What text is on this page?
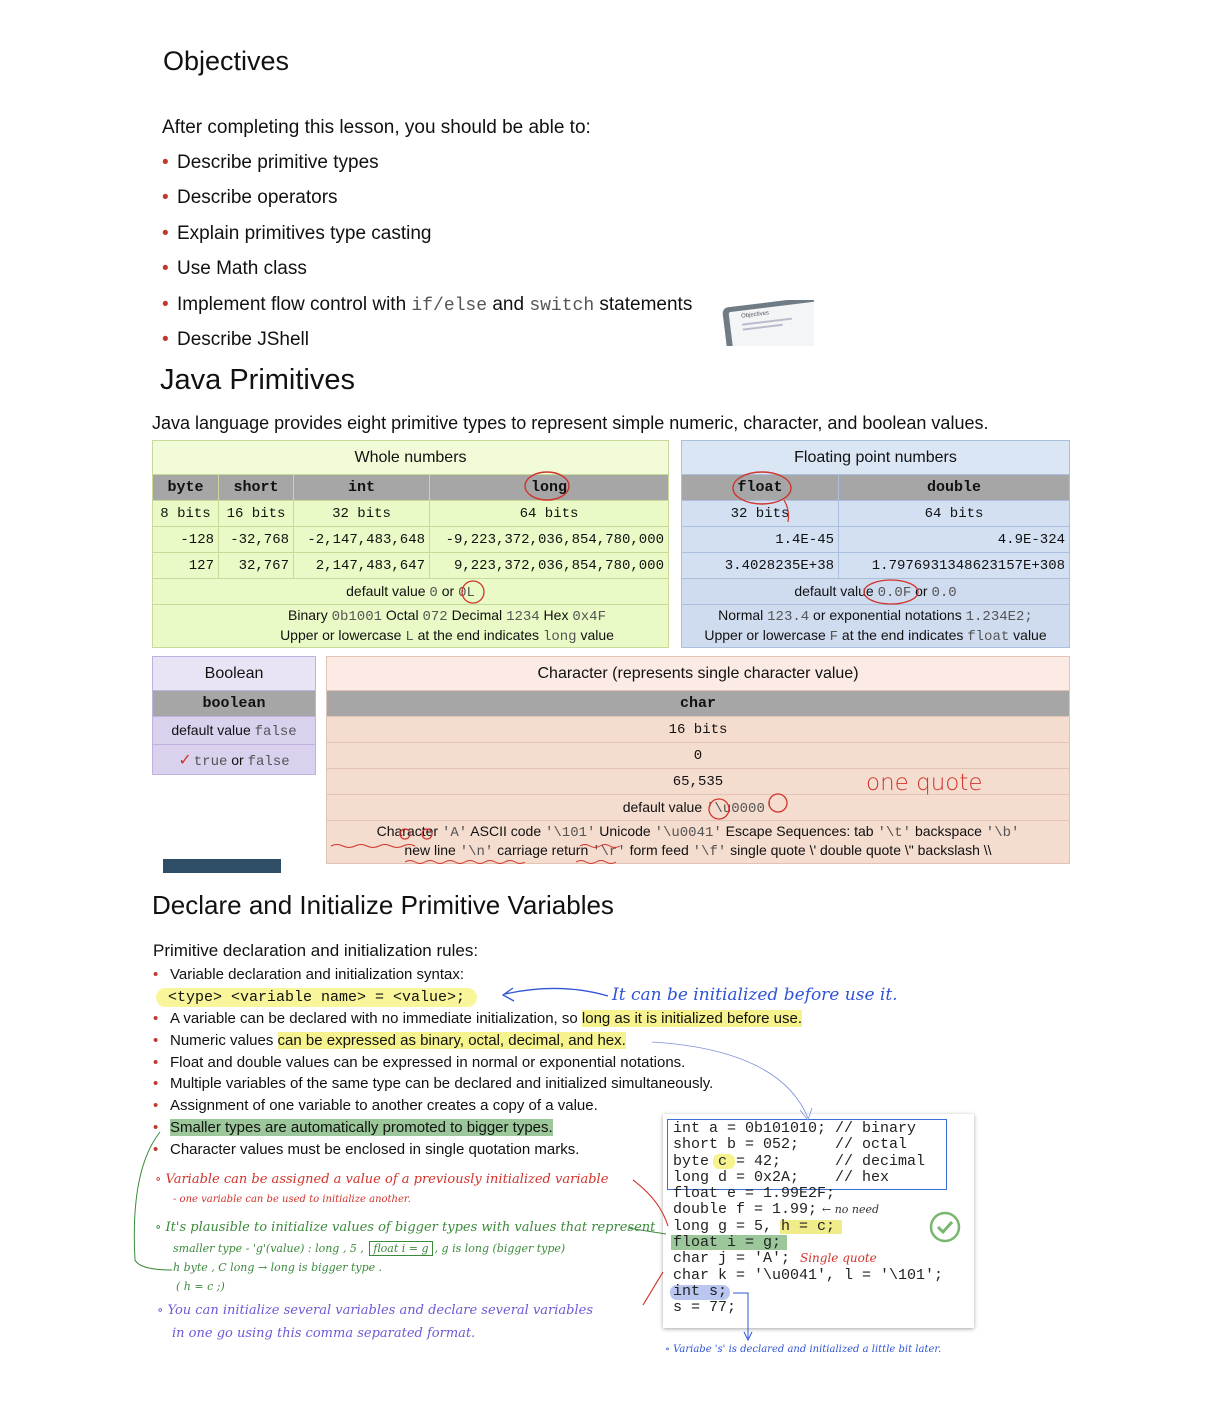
Objectives
After completing this lesson, you should be able to:
• Describe primitive types
• Describe operators
• Explain primitives type casting
• Use Math class
• Implement flow control with if/else and switch statements
• Describe JShell
Objectives
Java Primitives
Java language provides eight primitive types to represent simple numeric, character, and boolean values.
Whole numbers			
byte	short	int	long
8 bits	16 bits	32 bits	64 bits
-128	-32,768	-2,147,483,648	-9,223,372,036,854,780,000
127	32,767	2,147,483,647	9,223,372,036,854,780,000
default value 0 or 0L			
Binary 0b1001 Octal 072 Decimal 1234 Hex 0x4F
Upper or lowercase L at the end indicates long value			
Floating point numbers	
float	double
32 bits	64 bits
1.4E-45	4.9E-324
3.4028235E+38	1.7976931348623157E+308
default value 0.0F or 0.0	
Normal 123.4 or exponential notations 1.234E2;
Upper or lowercase F at the end indicates float value	
Boolean
boolean
default value false
✓ true or false
Character (represents single character value)
char
16 bits
0
65,535
default value '\u0000'
Character 'A' ASCII code '\101' Unicode '\u0041' Escape Sequences: tab '\t' backspace '\b'
new line '\n' carriage return '\r' form feed '\f' single quote \' double quote \" backslash \\
one quote
Declare and Initialize Primitive Variables
Primitive declaration and initialization rules:
• Variable declaration and initialization syntax:
<type> <variable name> = <value>;
• A variable can be declared with no immediate initialization, so long as it is initialized before use.
• Numeric values can be expressed as binary, octal, decimal, and hex.
• Float and double values can be expressed in normal or exponential notations.
• Multiple variables of the same type can be declared and initialized simultaneously.
• Assignment of one variable to another creates a copy of a value.
• Smaller types are automatically promoted to bigger types.
• Character values must be enclosed in single quotation marks.
int a = 0b101010; // binary
short b = 052;    // octal
byte c = 42;      // decimal
long d = 0x2A;    // hex
float e = 1.99E2F;
double f = 1.99;
long g = 5, h = c;
float i = g;
char j = 'A';
char k = '\u0041', l = '\101';
int s;
s = 77;
It can be initialized before use it.
← no need
Single quote
∘ Variable can be assigned a value of a previously initialized variable
- one variable can be used to initialize another.
∘ It's plausible to initialize values of bigger types with values that represent
smaller type - 'g'(value) : long , 5 , float i = g , g is long (bigger type)
h byte , C long → long is bigger type .
( h = c ;)
∘ You can initialize several variables and declare several variables
in one go using this comma separated format.
∘ Variabe 's' is declared and initialized a little bit later.
